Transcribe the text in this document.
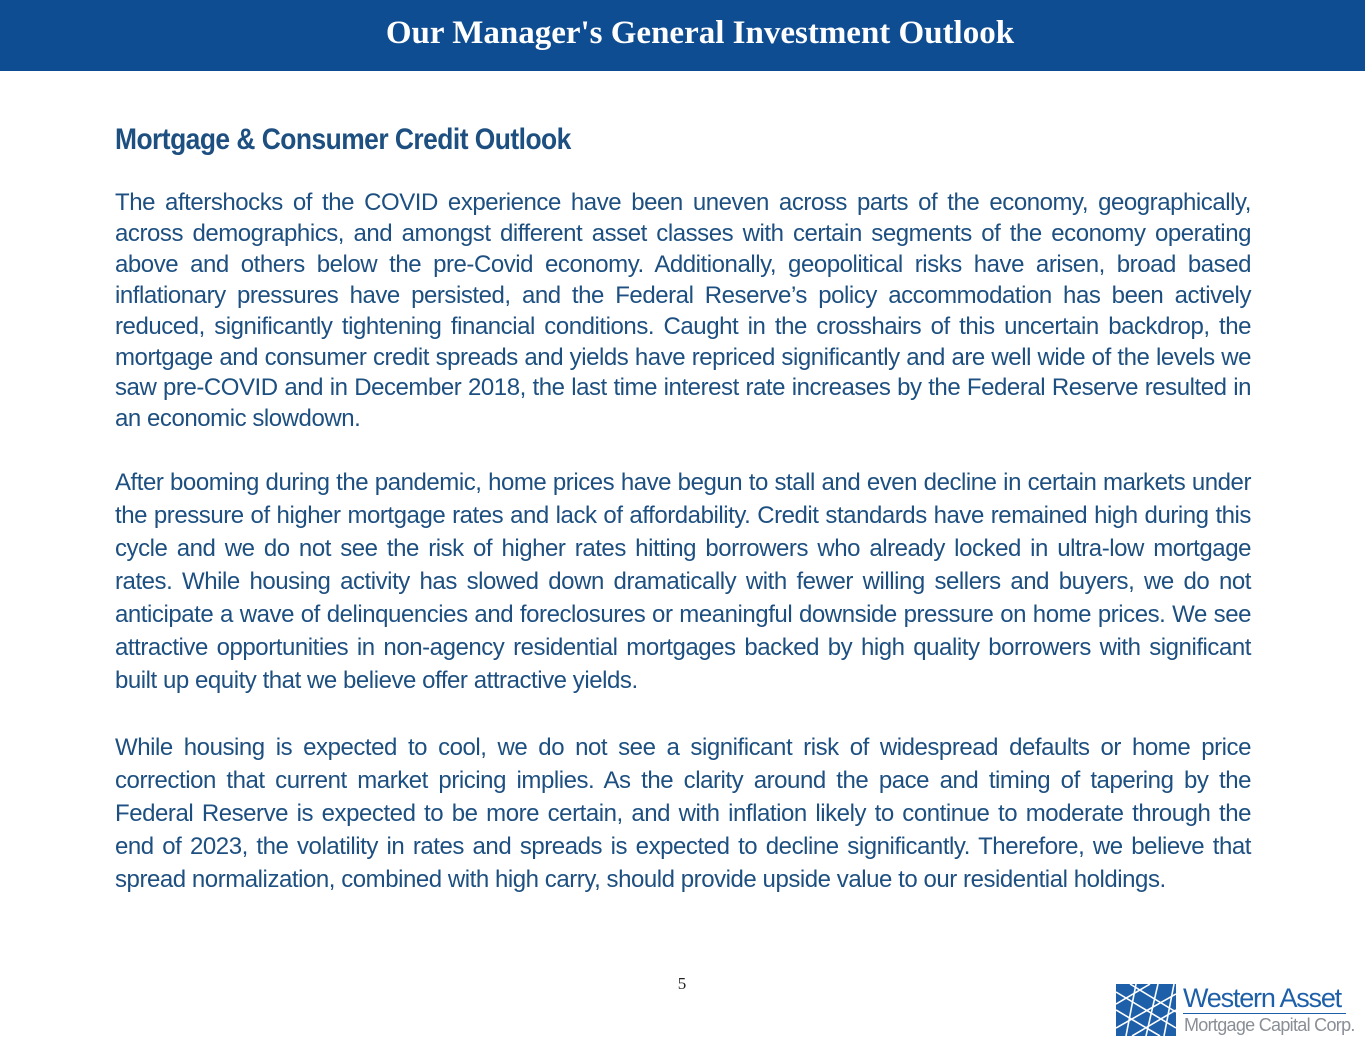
Our Manager's General Investment Outlook
Mortgage & Consumer Credit Outlook

The aftershocks of the COVID experience have been uneven across parts of the economy, geographically, across demographics, and amongst different asset classes with certain segments of the economy operating above and others below the pre-Covid economy. Additionally, geopolitical risks have arisen, broad based inflationary pressures have persisted, and the Federal Reserve’s policy accommodation has been actively reduced, significantly tightening financial conditions. Caught in the crosshairs of this uncertain backdrop, the mortgage and consumer credit spreads and yields have repriced significantly and are well wide of the levels we saw pre-COVID and in December 2018, the last time interest rate increases by the Federal Reserve resulted in an economic slowdown.

After booming during the pandemic, home prices have begun to stall and even decline in certain markets under the pressure of higher mortgage rates and lack of affordability. Credit standards have remained high during this cycle and we do not see the risk of higher rates hitting borrowers who already locked in ultra-low mortgage rates. While housing activity has slowed down dramatically with fewer willing sellers and buyers, we do not anticipate a wave of delinquencies and foreclosures or meaningful downside pressure on home prices. We see attractive opportunities in non-agency residential mortgages backed by high quality borrowers with significant built up equity that we believe offer attractive yields.

While housing is expected to cool, we do not see a significant risk of widespread defaults or home price correction that current market pricing implies. As the clarity around the pace and timing of tapering by the Federal Reserve is expected to be more certain, and with inflation likely to continue to moderate through the end of 2023, the volatility in rates and spreads is expected to decline significantly. Therefore, we believe that spread normalization, combined with high carry, should provide upside value to our residential holdings.

5	Western Asset
Mortgage Capital Corp.
